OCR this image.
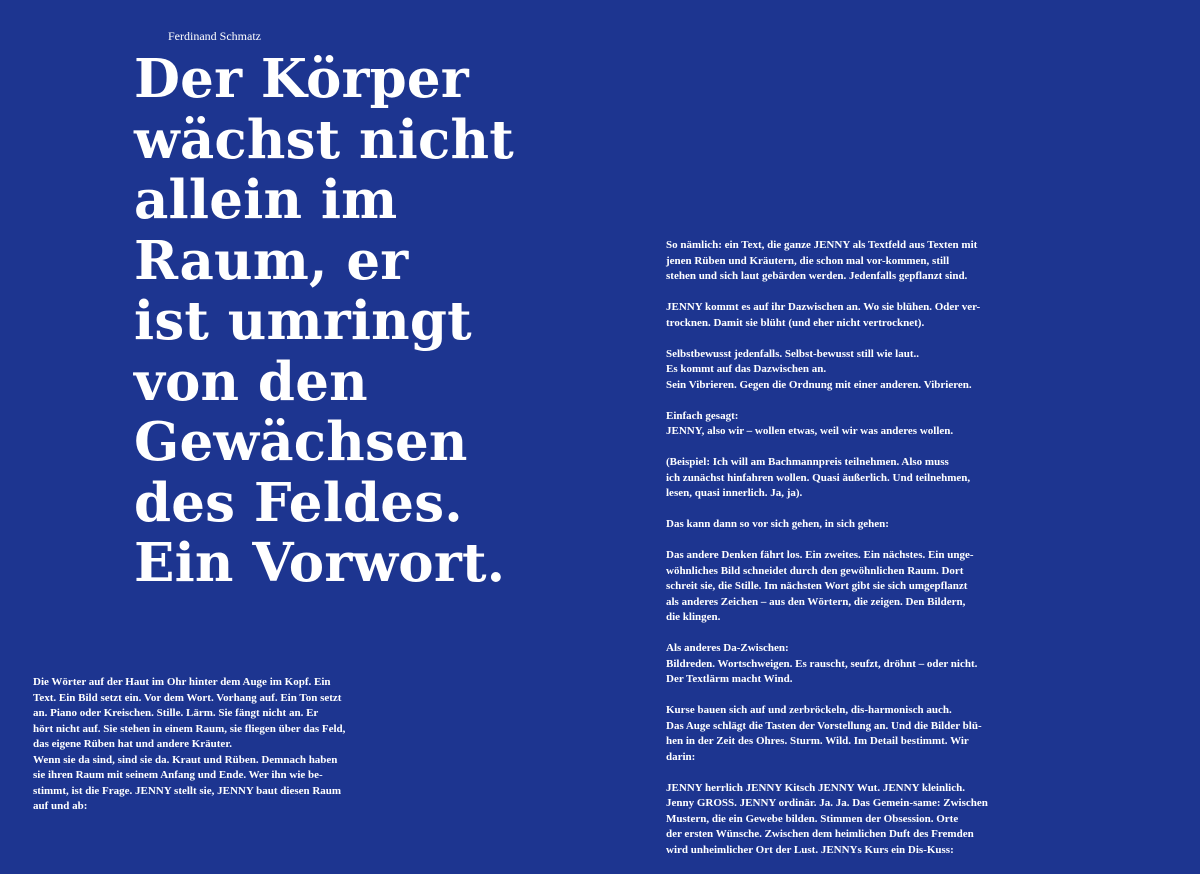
Ferdinand Schmatz
Der Körper
wächst nicht
allein im
Raum, er
ist umringt
von den
Gewächsen
des Feldes.
Ein Vorwort.
Die Wörter auf der Haut im Ohr hinter dem Auge im Kopf. Ein
Text. Ein Bild setzt ein. Vor dem Wort. Vorhang auf. Ein Ton setzt
an. Piano oder Kreischen. Stille. Lärm. Sie fängt nicht an. Er
hört nicht auf. Sie stehen in einem Raum, sie fliegen über das Feld,
das eigene Rüben hat und andere Kräuter.
Wenn sie da sind, sind sie da. Kraut und Rüben. Demnach haben
sie ihren Raum mit seinem Anfang und Ende. Wer ihn wie be-
stimmt, ist die Frage. JENNY stellt sie, JENNY baut diesen Raum
auf und ab:
So nämlich: ein Text, die ganze JENNY als Textfeld aus Texten mit
jenen Rüben und Kräutern, die schon mal vor-kommen, still
stehen und sich laut gebärden werden. Jedenfalls gepflanzt sind.
JENNY kommt es auf ihr Dazwischen an. Wo sie blühen. Oder ver-
trocknen. Damit sie blüht (und eher nicht vertrocknet).
Selbstbewusst jedenfalls. Selbst-bewusst still wie laut..
Es kommt auf das Dazwischen an.
Sein Vibrieren. Gegen die Ordnung mit einer anderen. Vibrieren.
Einfach gesagt:
JENNY, also wir – wollen etwas, weil wir was anderes wollen.
(Beispiel: Ich will am Bachmannpreis teilnehmen. Also muss
ich zunächst hinfahren wollen. Quasi äußerlich. Und teilnehmen,
lesen, quasi innerlich. Ja, ja).
Das kann dann so vor sich gehen, in sich gehen:
Das andere Denken fährt los. Ein zweites. Ein nächstes. Ein unge-
wöhnliches Bild schneidet durch den gewöhnlichen Raum. Dort
schreit sie, die Stille. Im nächsten Wort gibt sie sich umgepflanzt
als anderes Zeichen – aus den Wörtern, die zeigen. Den Bildern,
die klingen.
Als anderes Da-Zwischen:
Bildreden. Wortschweigen. Es rauscht, seufzt, dröhnt – oder nicht.
Der Textlärm macht Wind.
Kurse bauen sich auf und zerbröckeln, dis-harmonisch auch.
Das Auge schlägt die Tasten der Vorstellung an. Und die Bilder blü-
hen in der Zeit des Ohres. Sturm. Wild. Im Detail bestimmt. Wir
darin:
JENNY herrlich JENNY Kitsch JENNY Wut. JENNY kleinlich.
Jenny GROSS. JENNY ordinär. Ja. Ja. Das Gemein-same: Zwischen
Mustern, die ein Gewebe bilden. Stimmen der Obsession. Orte
der ersten Wünsche. Zwischen dem heimlichen Duft des Fremden
wird unheimlicher Ort der Lust. JENNYs Kurs ein Dis-Kuss:
